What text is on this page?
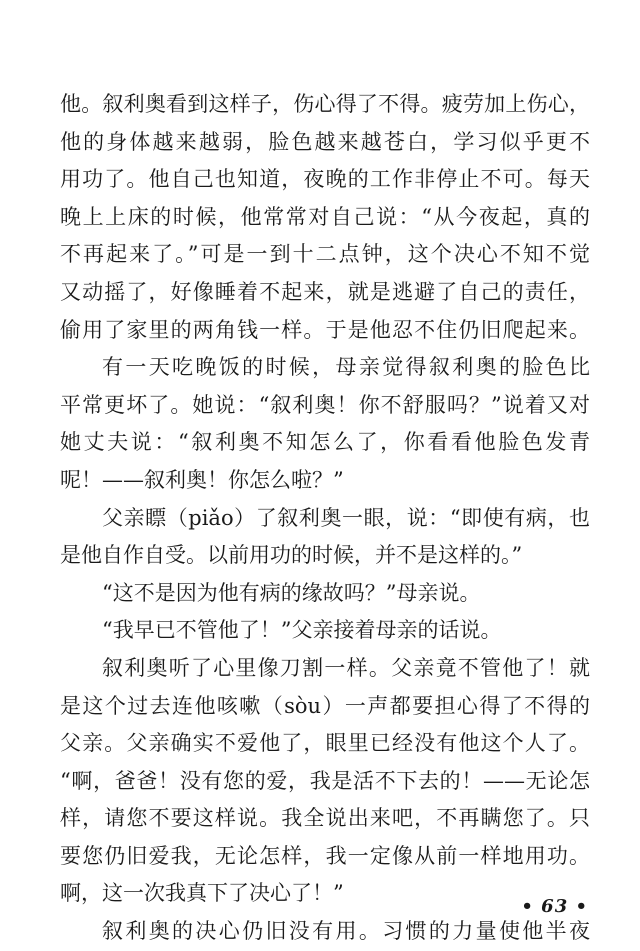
他。叙利奥看到这样子，伤心得了不得。疲劳加上伤心，
他的身体越来越弱，脸色越来越苍白，学习似乎更不
用功了。他自己也知道，夜晚的工作非停止不可。每天
晚上上床的时候，他常常对自己说：“从今夜起，真的
不再起来了。”可是一到十二点钟，这个决心不知不觉
又动摇了，好像睡着不起来，就是逃避了自己的责任，
偷用了家里的两角钱一样。于是他忍不住仍旧爬起来。
有一天吃晚饭的时候，母亲觉得叙利奥的脸色比
平常更坏了。她说：“叙利奥！你不舒服吗？”说着又对
她丈夫说：“叙利奥不知怎么了，你看看他脸色发青
呢！——叙利奥！你怎么啦？”
父亲瞟（piǎo）了叙利奥一眼，说：“即使有病，也
是他自作自受。以前用功的时候，并不是这样的。”
“这不是因为他有病的缘故吗？”母亲说。
“我早已不管他了！”父亲接着母亲的话说。
叙利奥听了心里像刀割一样。父亲竟不管他了！就
是这个过去连他咳嗽（sòu）一声都要担心得了不得的
父亲。父亲确实不爱他了，眼里已经没有他这个人了。
“啊，爸爸！没有您的爱，我是活不下去的！——无论怎
样，请您不要这样说。我全说出来吧，不再瞒您了。只
要您仍旧爱我，无论怎样，我一定像从前一样地用功。
啊，这一次我真下了决心了！”
叙利奥的决心仍旧没有用。习惯的力量使他半夜
• 63 •
